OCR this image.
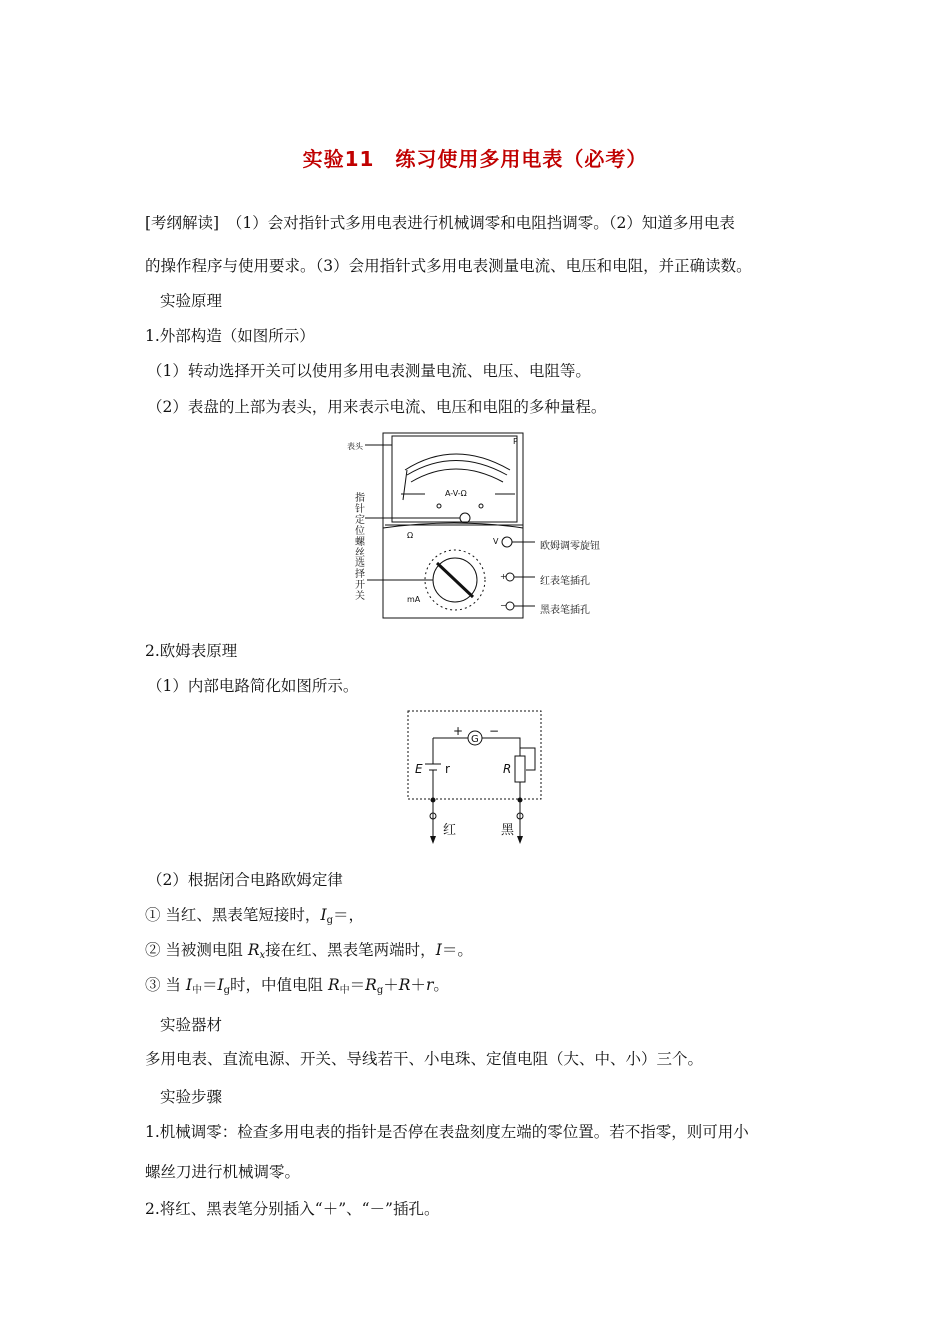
实验11　练习使用多用电表（必考）
[考纲解读]　（1）会对指针式多用电表进行机械调零和电阻挡调零。（2）知道多用电表
的操作程序与使用要求。（3）会用指针式多用电表测量电流、电压和电阻，并正确读数。
实验原理
1.外部构造（如图所示）
（1）转动选择开关可以使用多用电表测量电流、电压、电阻等。
（2）表盘的上部为表头，用来表示电流、电压和电阻的多种量程。
表头
A-V-Ω
Ω
V
mA
+
−
P
欧姆调零旋钮
红表笔插孔
黑表笔插孔
指针定位螺丝
选择开关
2.欧姆表原理
（1）内部电路简化如图所示。
+ −
G
E r	R
红	黑
（2）根据闭合电路欧姆定律
① 当红、黑表笔短接时，$I_g=$，
② 当被测电阻 $R_x$接在红、黑表笔两端时，I＝。
③ 当 $I_中=I_g$时，中值电阻 $R_中=R_g+R+r$。
实验器材
多用电表、直流电源、开关、导线若干、小电珠、定值电阻（大、中、小）三个。
实验步骤
1.机械调零：检查多用电表的指针是否停在表盘刻度左端的零位置。若不指零，则可用小
螺丝刀进行机械调零。
2.将红、黑表笔分别插入“＋”、“－”插孔。
